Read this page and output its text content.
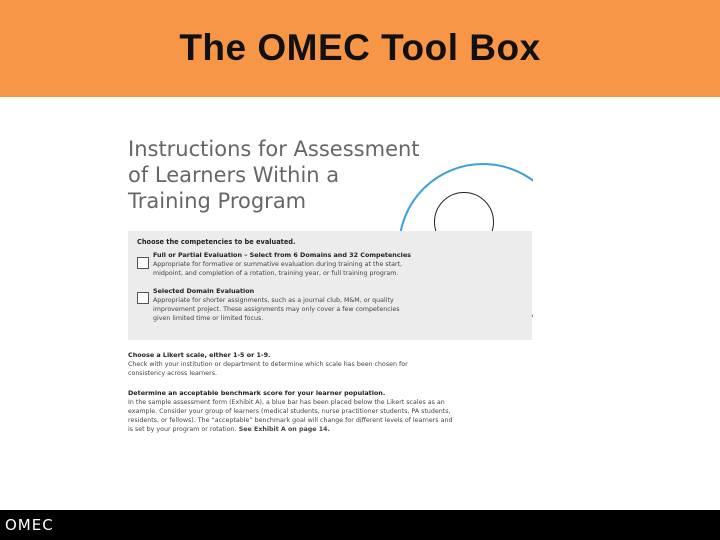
The OMEC Tool Box
Instructions for Assessment
of Learners Within a
Training Program
Choose the competencies to be evaluated.
Full or Partial Evaluation – Select from 6 Domains and 32 Competencies
Appropriate for formative or summative evaluation during training at the start,
midpoint, and completion of a rotation, training year, or full training program.
Selected Domain Evaluation
Appropriate for shorter assignments, such as a journal club, M&M, or quality
improvement project. These assignments may only cover a few competencies
given limited time or limited focus.
Choose a Likert scale, either 1-5 or 1-9.
Check with your institution or department to determine which scale has been chosen for
consistency across learners.
Determine an acceptable benchmark score for your learner population.
In the sample assessment form (Exhibit A), a blue bar has been placed below the Likert scales as an
example. Consider your group of learners (medical students, nurse practitioner students, PA students,
residents, or fellows). The “acceptable” benchmark goal will change for different levels of learners and
is set by your program or rotation. See Exhibit A on page 14.
OMEC
